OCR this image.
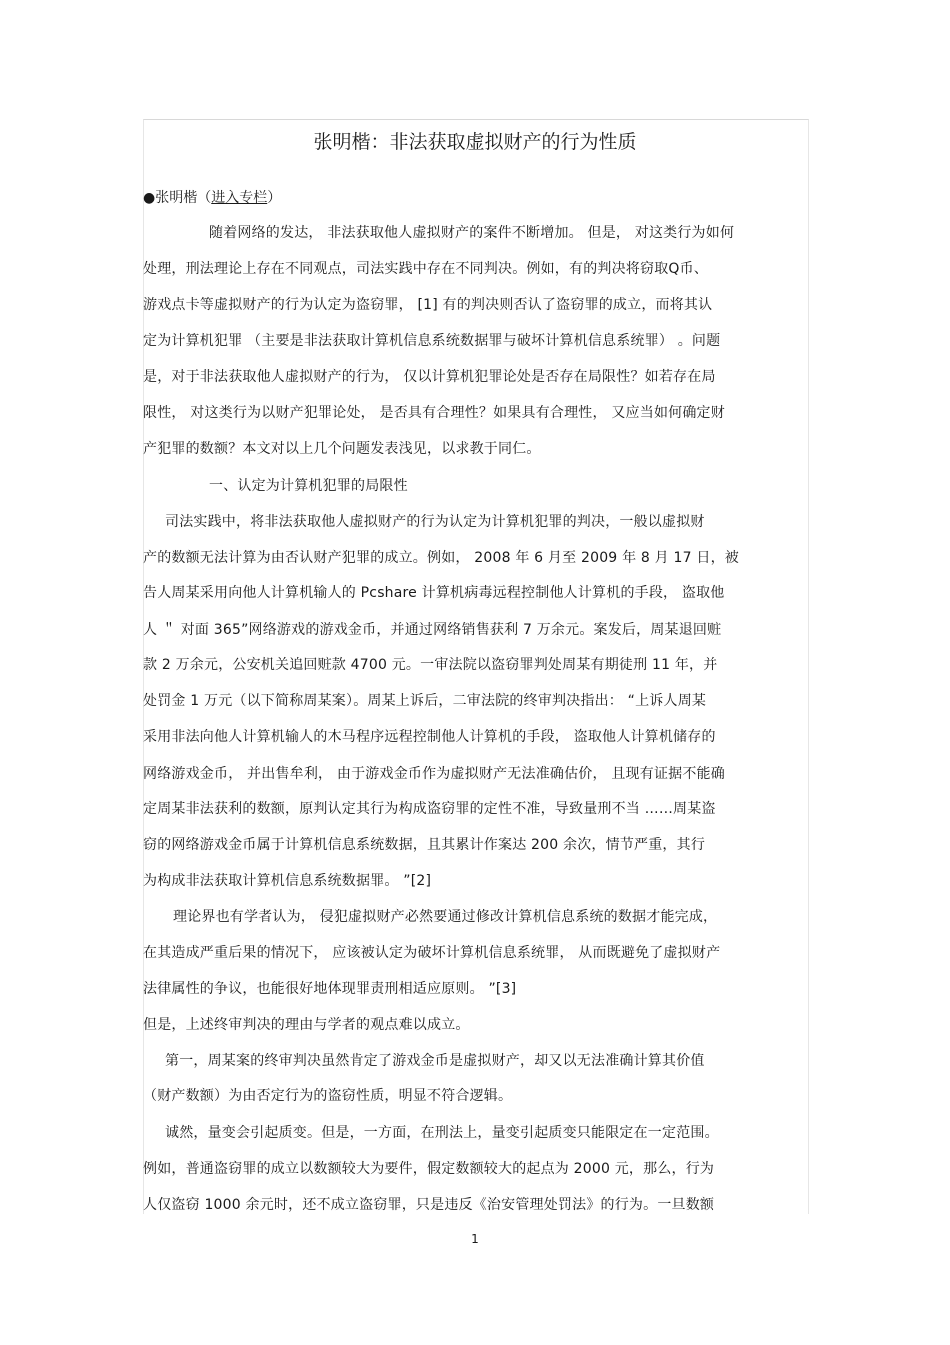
张明楷：非法获取虚拟财产的行为性质
●张明楷（进入专栏）
随着网络的发达， 非法获取他人虚拟财产的案件不断增加。 但是， 对这类行为如何
处理，刑法理论上存在不同观点，司法实践中存在不同判决。例如，有的判决将窃取Q币、
游戏点卡等虚拟财产的行为认定为盗窃罪， [1] 有的判决则否认了盗窃罪的成立，而将其认
定为计算机犯罪 （主要是非法获取计算机信息系统数据罪与破坏计算机信息系统罪） 。问题
是，对于非法获取他人虚拟财产的行为， 仅以计算机犯罪论处是否存在局限性？如若存在局
限性， 对这类行为以财产犯罪论处， 是否具有合理性？如果具有合理性， 又应当如何确定财
产犯罪的数额？本文对以上几个问题发表浅见，以求教于同仁。
一、认定为计算机犯罪的局限性
司法实践中，将非法获取他人虚拟财产的行为认定为计算机犯罪的判决，一般以虚拟财
产的数额无法计算为由否认财产犯罪的成立。例如， 2008 年 6 月至 2009 年 8 月 17 日，被
告人周某采用向他人计算机输人的 Pcshare 计算机病毒远程控制他人计算机的手段， 盗取他
人 ＂ 对面 365”网络游戏的游戏金币，并通过网络销售获利 7 万余元。案发后，周某退回赃
款 2 万余元，公安机关追回赃款 4700 元。一审法院以盗窃罪判处周某有期徒刑 11 年，并
处罚金 1 万元（以下简称周某案）。周某上诉后，二审法院的终审判决指出： “上诉人周某
采用非法向他人计算机输人的木马程序远程控制他人计算机的手段， 盗取他人计算机储存的
网络游戏金币， 并出售牟利， 由于游戏金币作为虚拟财产无法准确估价， 且现有证据不能确
定周某非法获利的数额，原判认定其行为构成盗窃罪的定性不准，导致量刑不当 ……周某盗
窃的网络游戏金币属于计算机信息系统数据，且其累计作案达 200 余次，情节严重，其行
为构成非法获取计算机信息系统数据罪。 ”[2]
理论界也有学者认为， 侵犯虚拟财产必然要通过修改计算机信息系统的数据才能完成，
在其造成严重后果的情况下， 应该被认定为破坏计算机信息系统罪， 从而既避免了虚拟财产
法律属性的争议，也能很好地体现罪责刑相适应原则。 ”[3]
但是，上述终审判决的理由与学者的观点难以成立。
第一，周某案的终审判决虽然肯定了游戏金币是虚拟财产，却又以无法准确计算其价值
（财产数额）为由否定行为的盗窃性质，明显不符合逻辑。
诚然，量变会引起质变。但是，一方面，在刑法上，量变引起质变只能限定在一定范围。
例如，普通盗窃罪的成立以数额较大为要件，假定数额较大的起点为 2000 元，那么，行为
人仅盗窃 1000 余元时，还不成立盗窃罪，只是违反《治安管理处罚法》的行为。一旦数额
1
